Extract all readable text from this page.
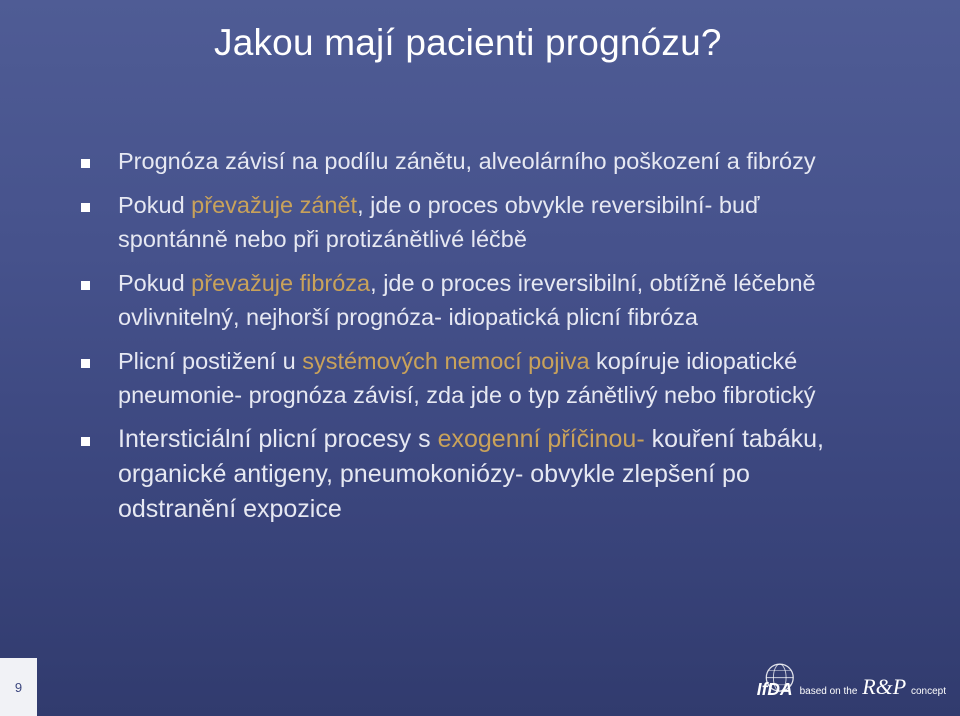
Jakou mají pacienti prognózu?
Prognóza závisí na podílu zánětu, alveolárního poškození a fibrózy
Pokud převažuje zánět, jde o proces obvykle reversibilní- buď spontánně nebo při protizánětlivé léčbě
Pokud převažuje fibróza, jde o proces ireversibilní, obtížně léčebně ovlivnitelný, nejhorší prognóza- idiopatická plicní fibróza
Plicní postižení u systémových nemocí pojiva kopíruje idiopatické pneumonie- prognóza závisí, zda jde o typ zánětlivý nebo fibrotický
Intersticiální plicní procesy s exogenní příčinou- kouření tabáku, organické antigeny, pneumokoniózy- obvykle zlepšení po odstranění expozice
9	IfDA based on the R&P concept
